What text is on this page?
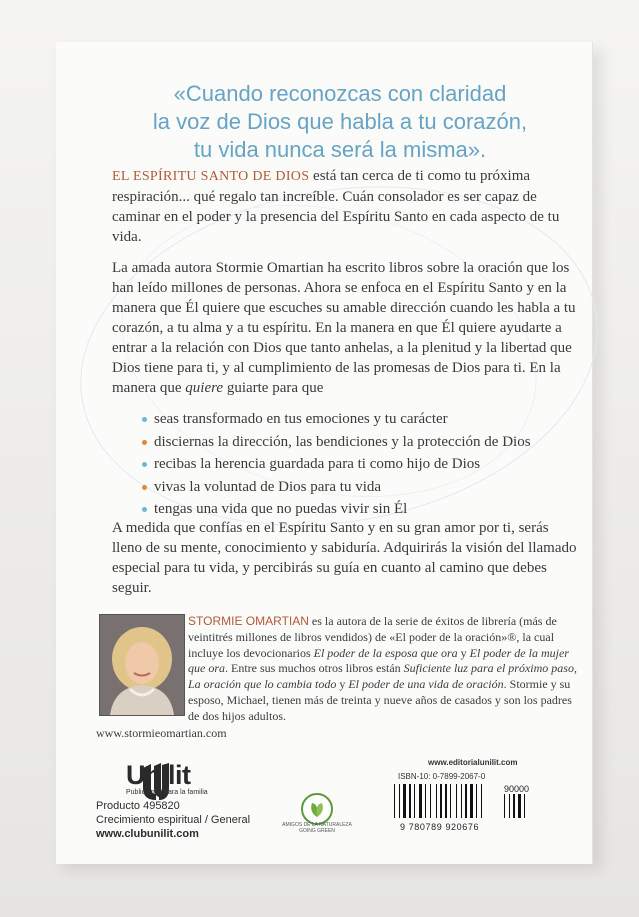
«Cuando reconozcas con claridad
la voz de Dios que habla a tu corazón,
tu vida nunca será la misma».
EL ESPÍRITU SANTO DE DIOS está tan cerca de ti como tu próxima respiración... qué regalo tan increíble. Cuán consolador es ser capaz de caminar en el poder y la presencia del Espíritu Santo en cada aspecto de tu vida.
La amada autora Stormie Omartian ha escrito libros sobre la oración que los han leído millones de personas. Ahora se enfoca en el Espíritu Santo y en la manera que Él quiere que escuches su amable dirección cuando les habla a tu corazón, a tu alma y a tu espíritu. En la manera en que Él quiere ayudarte a entrar a la relación con Dios que tanto anhelas, a la plenitud y la libertad que Dios tiene para ti, y al cumplimiento de las promesas de Dios para ti. En la manera que quiere guiarte para que
seas transformado en tus emociones y tu carácter
disciernas la dirección, las bendiciones y la protección de Dios
recibas la herencia guardada para ti como hijo de Dios
vivas la voluntad de Dios para tu vida
tengas una vida que no puedas vivir sin Él
A medida que confías en el Espíritu Santo y en su gran amor por ti, serás lleno de su mente, conocimiento y sabiduría. Adquirirás la visión del llamado especial para tu vida, y percibirás su guía en cuanto al camino que debes seguir.
STORMIE OMARTIAN es la autora de la serie de éxitos de librería (más de veintitrés millones de libros vendidos) de «El poder de la oración»®, la cual incluye los devocionarios El poder de la esposa que ora y El poder de la mujer que ora. Entre sus muchos otros libros están Suficiente luz para el próximo paso, La oración que lo cambia todo y El poder de una vida de oración. Stormie y su esposo, Michael, tienen más de treinta y nueve años de casados y son los padres de dos hijos adultos.
www.stormieomartian.com
Unilit
Publicamos para la familia
Producto 495820
Crecimiento espiritual / General
www.clubunilit.com
AMIGOS DE LA NATURALEZA GOING GREEN
www.editorialunilit.com
ISBN-10: 0-7899-2067-0
90000
9 780789 920676
